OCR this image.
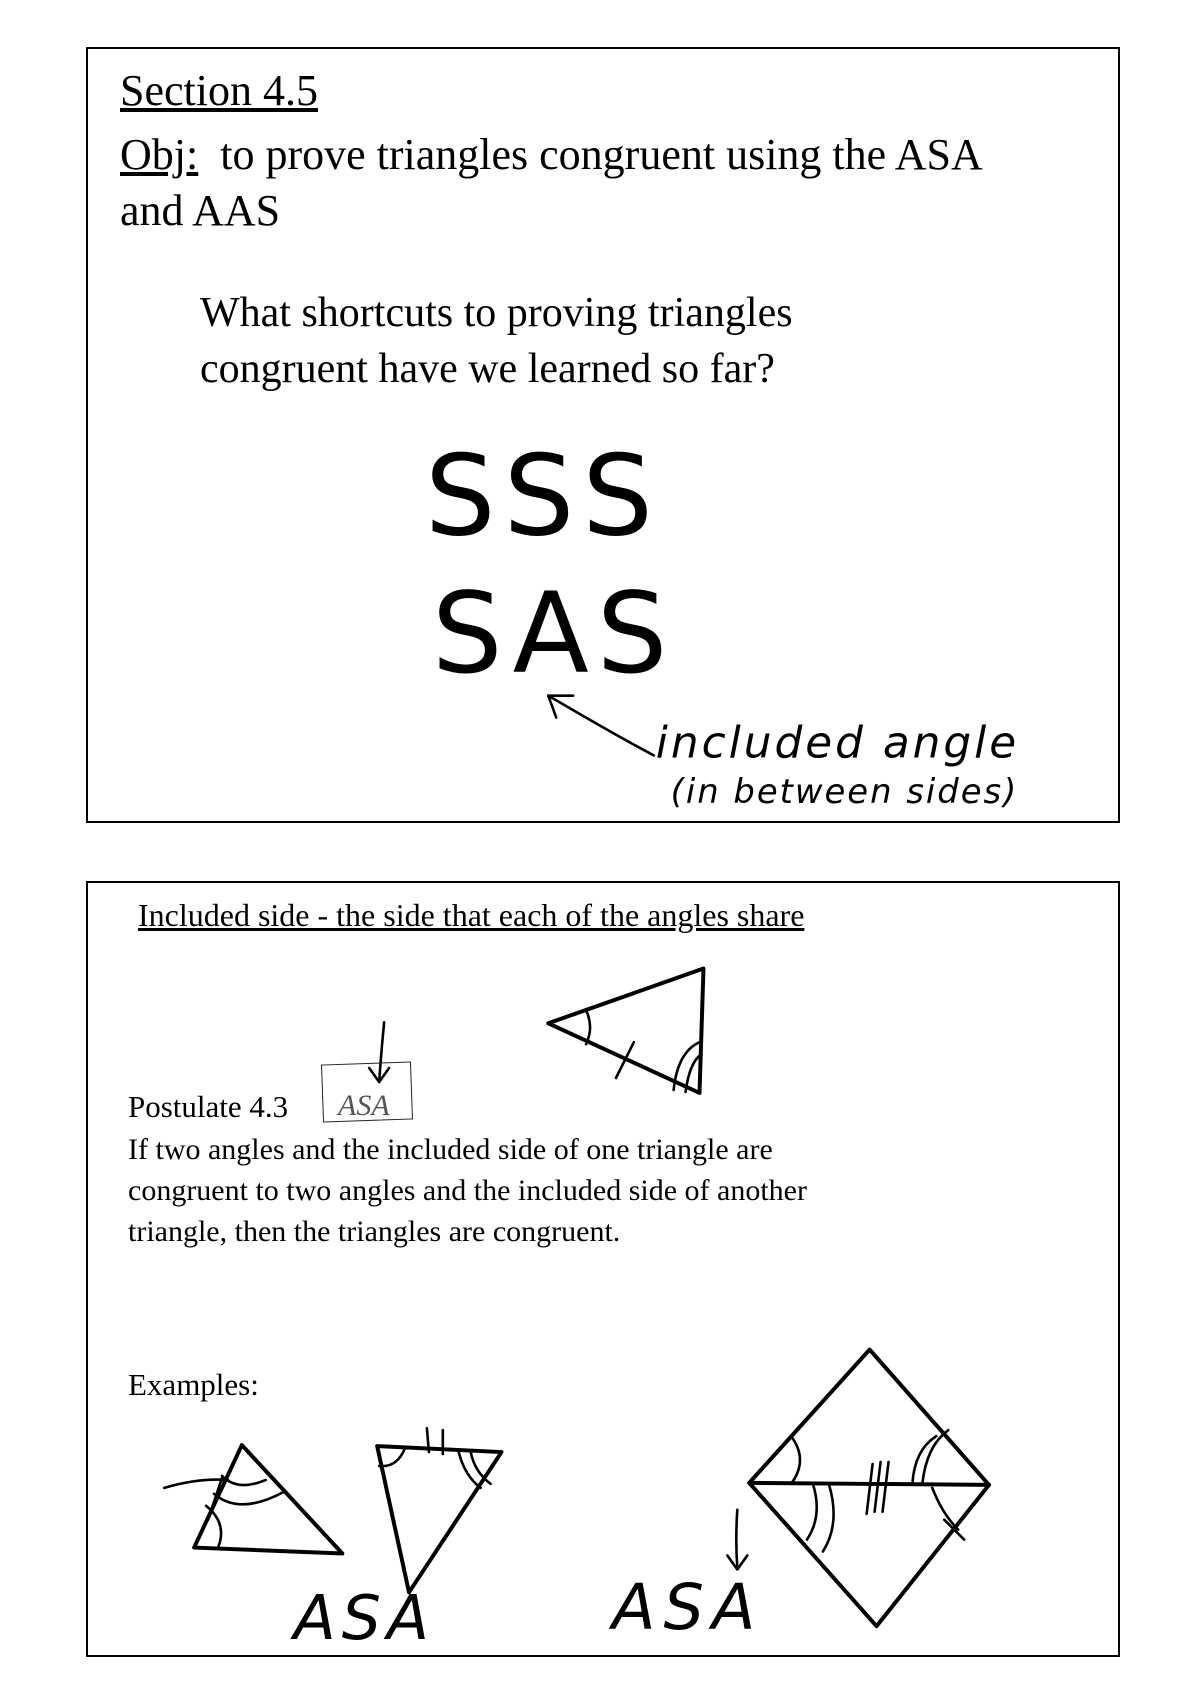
Section 4.5
Obj: to prove triangles congruent using the ASA
and AAS
What shortcuts to proving triangles
congruent have we learned so far?
SSS
SAS
included angle
(in between sides)
Included side - the side that each of the angles share
ASA	ASA
ASA
Postulate 4.3
If two angles and the included side of one triangle are
congruent to two angles and the included side of another
triangle, then the triangles are congruent.
Examples:
